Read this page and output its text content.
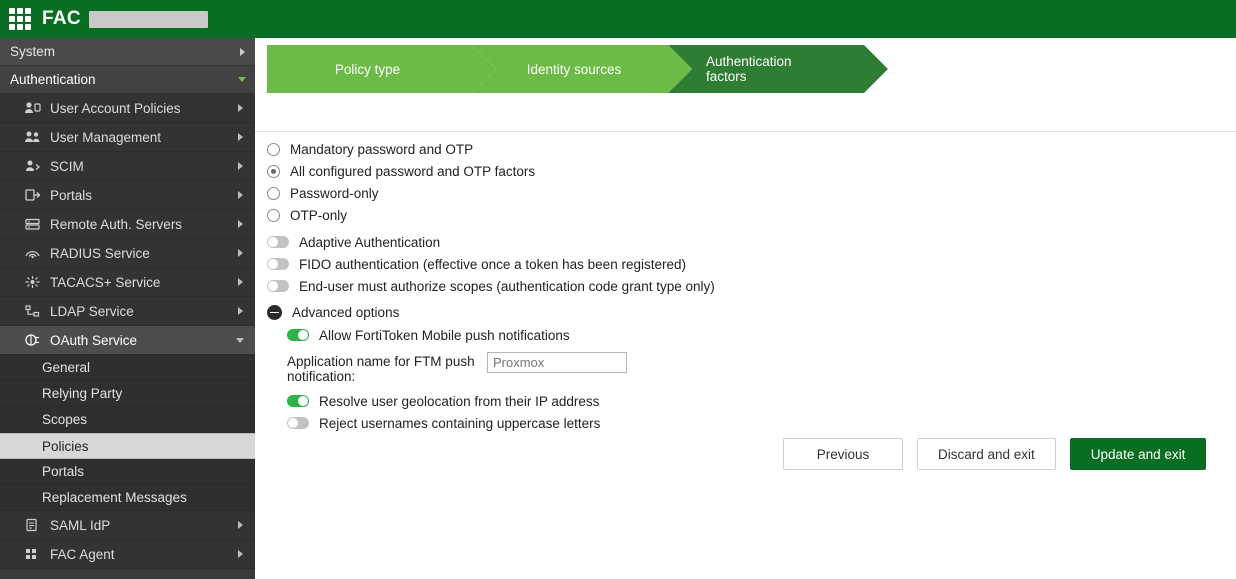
FAC
System
Authentication
User Account Policies
User Management
SCIM
Portals
Remote Auth. Servers
RADIUS Service
TACACS+ Service
LDAP Service
OAuth Service
General
Relying Party
Scopes
Policies
Portals
Replacement Messages
SAML IdP
FAC Agent
Policy type	Identity sources	Authentication factors
Mandatory password and OTP
All configured password and OTP factors
Password-only
OTP-only
Adaptive Authentication
FIDO authentication (effective once a token has been registered)
End-user must authorize scopes (authentication code grant type only)
Advanced options
Allow FortiToken Mobile push notifications
Application name for FTM push notification:
Proxmox
Resolve user geolocation from their IP address
Reject usernames containing uppercase letters
Previous	Discard and exit	Update and exit
